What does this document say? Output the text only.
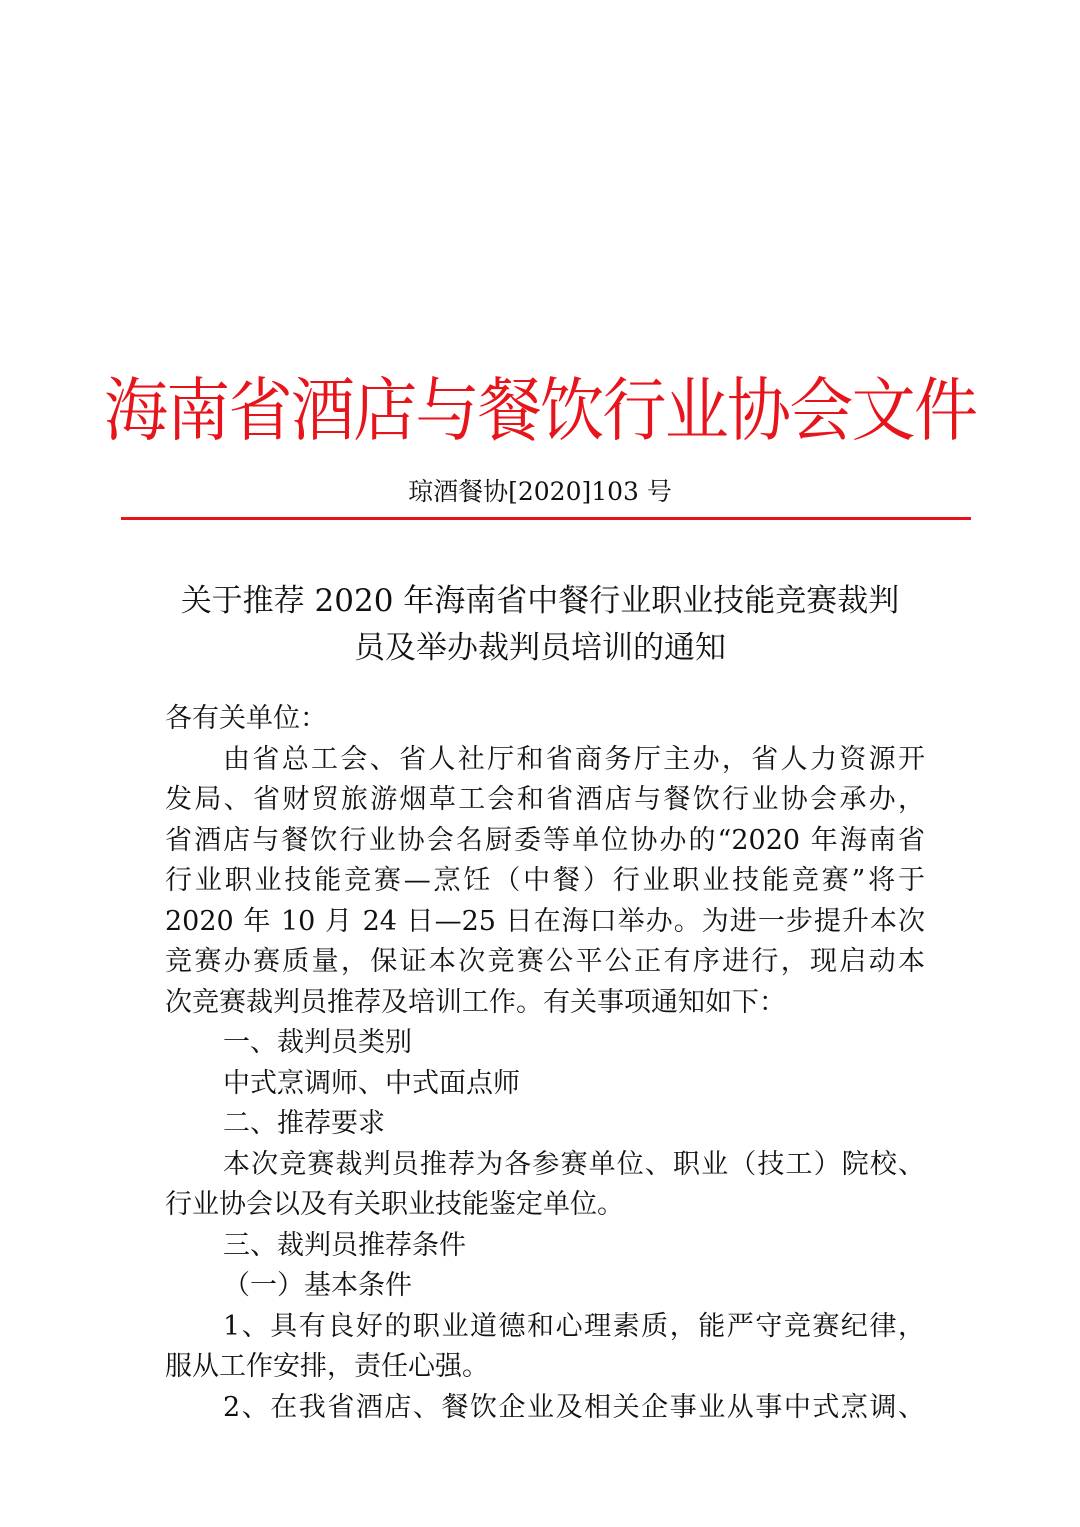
海南省酒店与餐饮行业协会文件
琼酒餐协[2020]103 号
关于推荐 2020 年海南省中餐行业职业技能竞赛裁判
员及举办裁判员培训的通知
各有关单位：
由省总工会、省人社厅和省商务厅主办，省人力资源开
发局、省财贸旅游烟草工会和省酒店与餐饮行业协会承办，
省酒店与餐饮行业协会名厨委等单位协办的“2020 年海南省
行业职业技能竞赛—烹饪（中餐）行业职业技能竞赛”将于
2020 年 10 月 24 日—25 日在海口举办。为进一步提升本次
竞赛办赛质量，保证本次竞赛公平公正有序进行，现启动本
次竞赛裁判员推荐及培训工作。有关事项通知如下：
一、裁判员类别
中式烹调师、中式面点师
二、推荐要求
本次竞赛裁判员推荐为各参赛单位、职业（技工）院校、
行业协会以及有关职业技能鉴定单位。
三、裁判员推荐条件
（一）基本条件
1、具有良好的职业道德和心理素质，能严守竞赛纪律，
服从工作安排，责任心强。
2、在我省酒店、餐饮企业及相关企事业从事中式烹调、
